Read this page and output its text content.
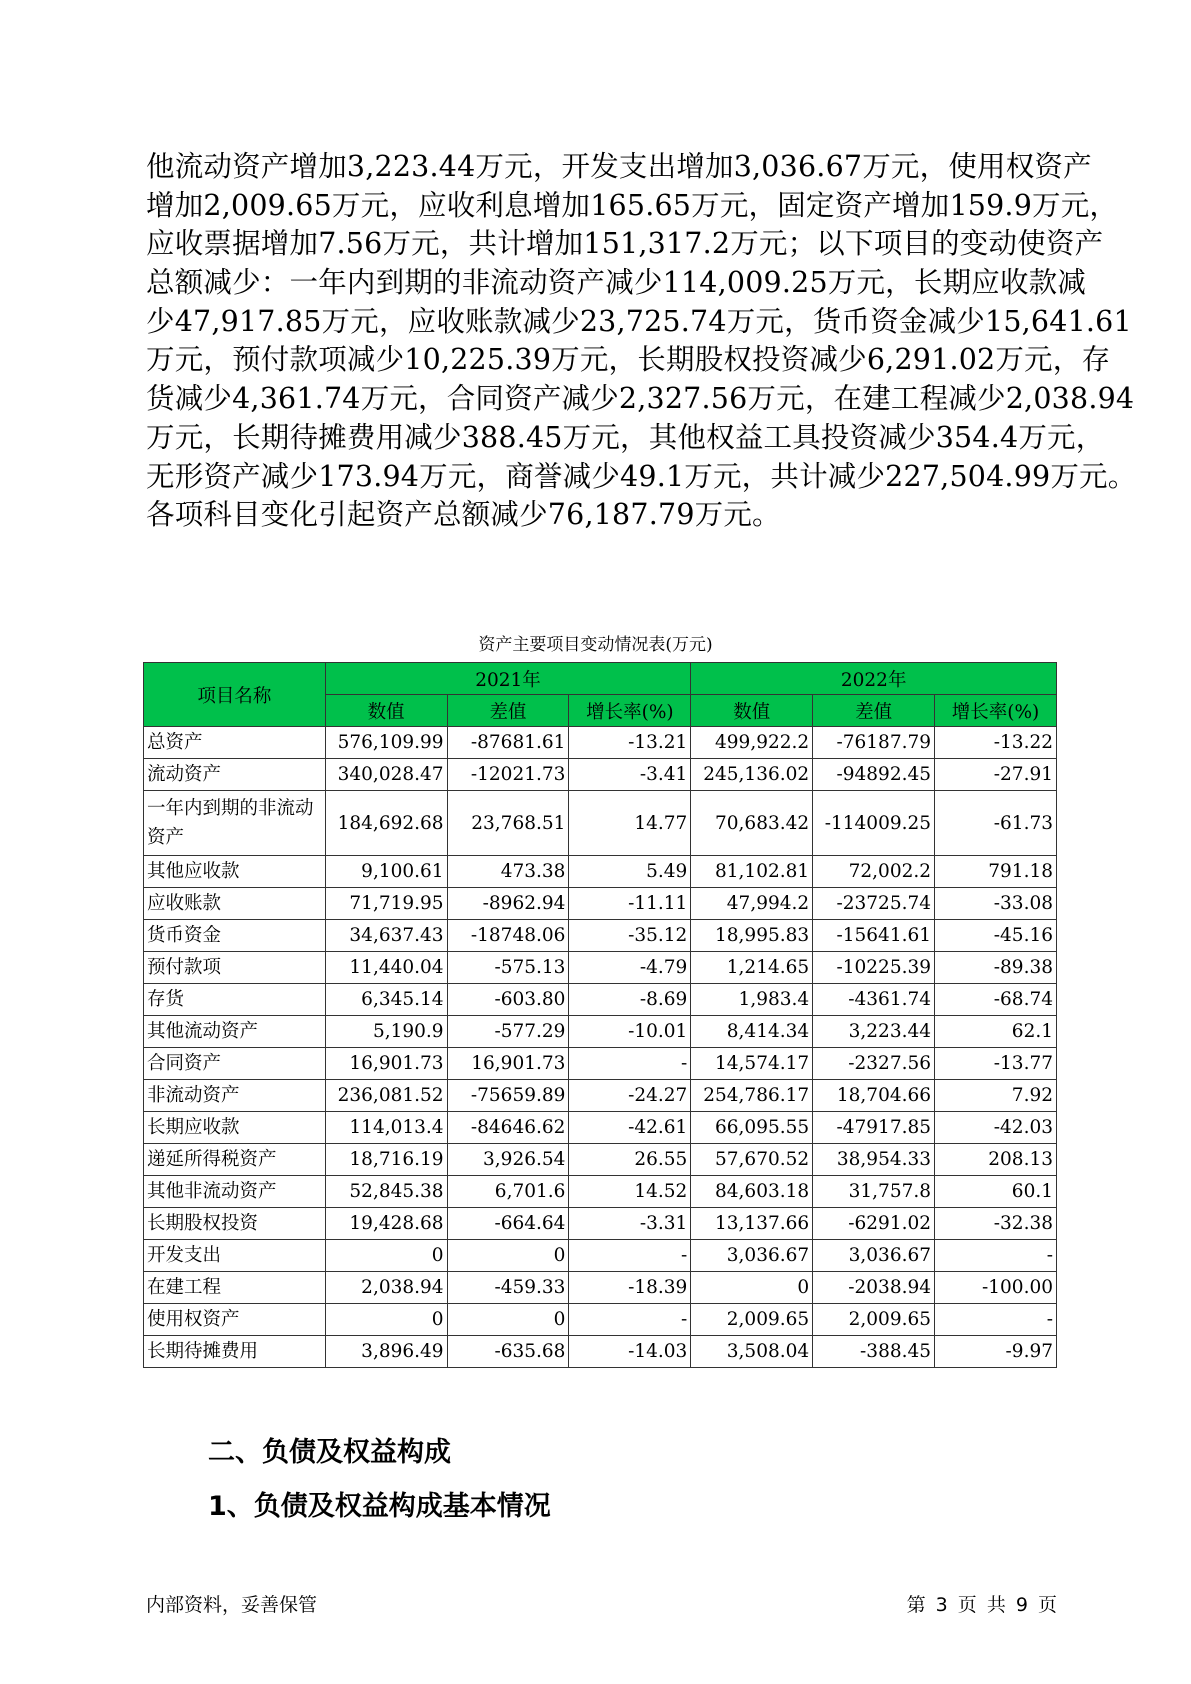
他流动资产增加3,223.44万元，开发支出增加3,036.67万元，使用权资产
增加2,009.65万元，应收利息增加165.65万元，固定资产增加159.9万元，
应收票据增加7.56万元，共计增加151,317.2万元；以下项目的变动使资产
总额减少：一年内到期的非流动资产减少114,009.25万元，长期应收款减
少47,917.85万元，应收账款减少23,725.74万元，货币资金减少15,641.61
万元，预付款项减少10,225.39万元，长期股权投资减少6,291.02万元，存
货减少4,361.74万元，合同资产减少2,327.56万元，在建工程减少2,038.94
万元，长期待摊费用减少388.45万元，其他权益工具投资减少354.4万元，
无形资产减少173.94万元，商誉减少49.1万元，共计减少227,504.99万元。
各项科目变化引起资产总额减少76,187.79万元。
资产主要项目变动情况表(万元)
项目名称	2021年			2022年		
	数值	差值	增长率(%)	数值	差值	增长率(%)
总资产	576,109.99	-87681.61	-13.21	499,922.2	-76187.79	-13.22
流动资产	340,028.47	-12021.73	-3.41	245,136.02	-94892.45	-27.91
一年内到期的非流动资产	184,692.68	23,768.51	14.77	70,683.42	-114009.25	-61.73
其他应收款	9,100.61	473.38	5.49	81,102.81	72,002.2	791.18
应收账款	71,719.95	-8962.94	-11.11	47,994.2	-23725.74	-33.08
货币资金	34,637.43	-18748.06	-35.12	18,995.83	-15641.61	-45.16
预付款项	11,440.04	-575.13	-4.79	1,214.65	-10225.39	-89.38
存货	6,345.14	-603.80	-8.69	1,983.4	-4361.74	-68.74
其他流动资产	5,190.9	-577.29	-10.01	8,414.34	3,223.44	62.1
合同资产	16,901.73	16,901.73	-	14,574.17	-2327.56	-13.77
非流动资产	236,081.52	-75659.89	-24.27	254,786.17	18,704.66	7.92
长期应收款	114,013.4	-84646.62	-42.61	66,095.55	-47917.85	-42.03
递延所得税资产	18,716.19	3,926.54	26.55	57,670.52	38,954.33	208.13
其他非流动资产	52,845.38	6,701.6	14.52	84,603.18	31,757.8	60.1
长期股权投资	19,428.68	-664.64	-3.31	13,137.66	-6291.02	-32.38
开发支出	0	0	-	3,036.67	3,036.67	-
在建工程	2,038.94	-459.33	-18.39	0	-2038.94	-100.00
使用权资产	0	0	-	2,009.65	2,009.65	-
长期待摊费用	3,896.49	-635.68	-14.03	3,508.04	-388.45	-9.97
二、负债及权益构成
1、负债及权益构成基本情况
内部资料，妥善保管	第 3 页 共 9 页
